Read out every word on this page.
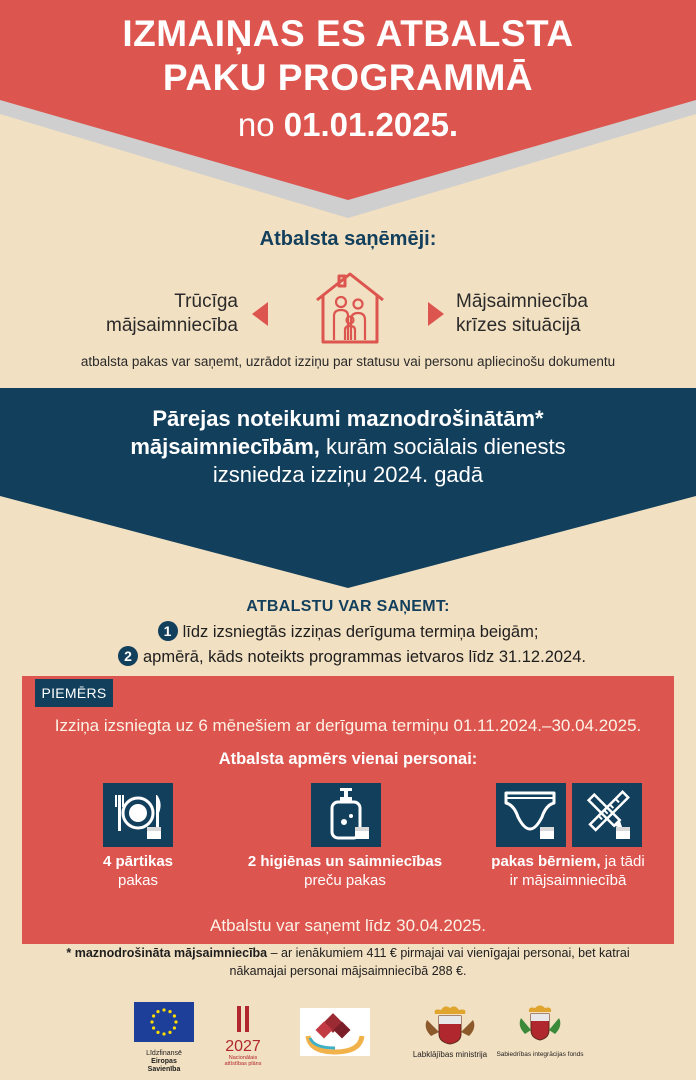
IZMAIŅAS ES ATBALSTA
PAKU PROGRAMMĀ
no 01.01.2025.
Atbalsta saņēmēji:
Trūcīga
mājsaimniecība
Mājsaimniecība
krīzes situācijā
atbalsta pakas var saņemt, uzrādot izziņu par statusu vai personu apliecinošu dokumentu
Pārejas noteikumi maznodrošinātām*
mājsaimniecībām, kurām sociālais dienests
izsniedza izziņu 2024. gadā
ATBALSTU VAR SAŅEMT:
1 līdz izsniegtās izziņas derīguma termiņa beigām;
2 apmērā, kāds noteikts programmas ietvaros līdz 31.12.2024.
PIEMĒRS
Izziņa izsniegta uz 6 mēnešiem ar derīguma termiņu 01.11.2024.–30.04.2025.
Atbalsta apmērs vienai personai:
4 pārtikas
pakas
2 higiēnas un saimniecības
preču pakas
pakas bērniem, ja tādi
ir mājsaimniecībā
Atbalstu var saņemt līdz 30.04.2025.
* maznodrošināta mājsaimniecība – ar ienākumiem 411 € pirmajai vai vienīgajai personai, bet katrai
nākamajai personai mājsaimniecībā 288 €.
Līdzfinansē
Eiropas Savienība
2027
Nacionālais
attīstības plāns
Labklājības ministrija	Sabiedrības integrācijas fonds
